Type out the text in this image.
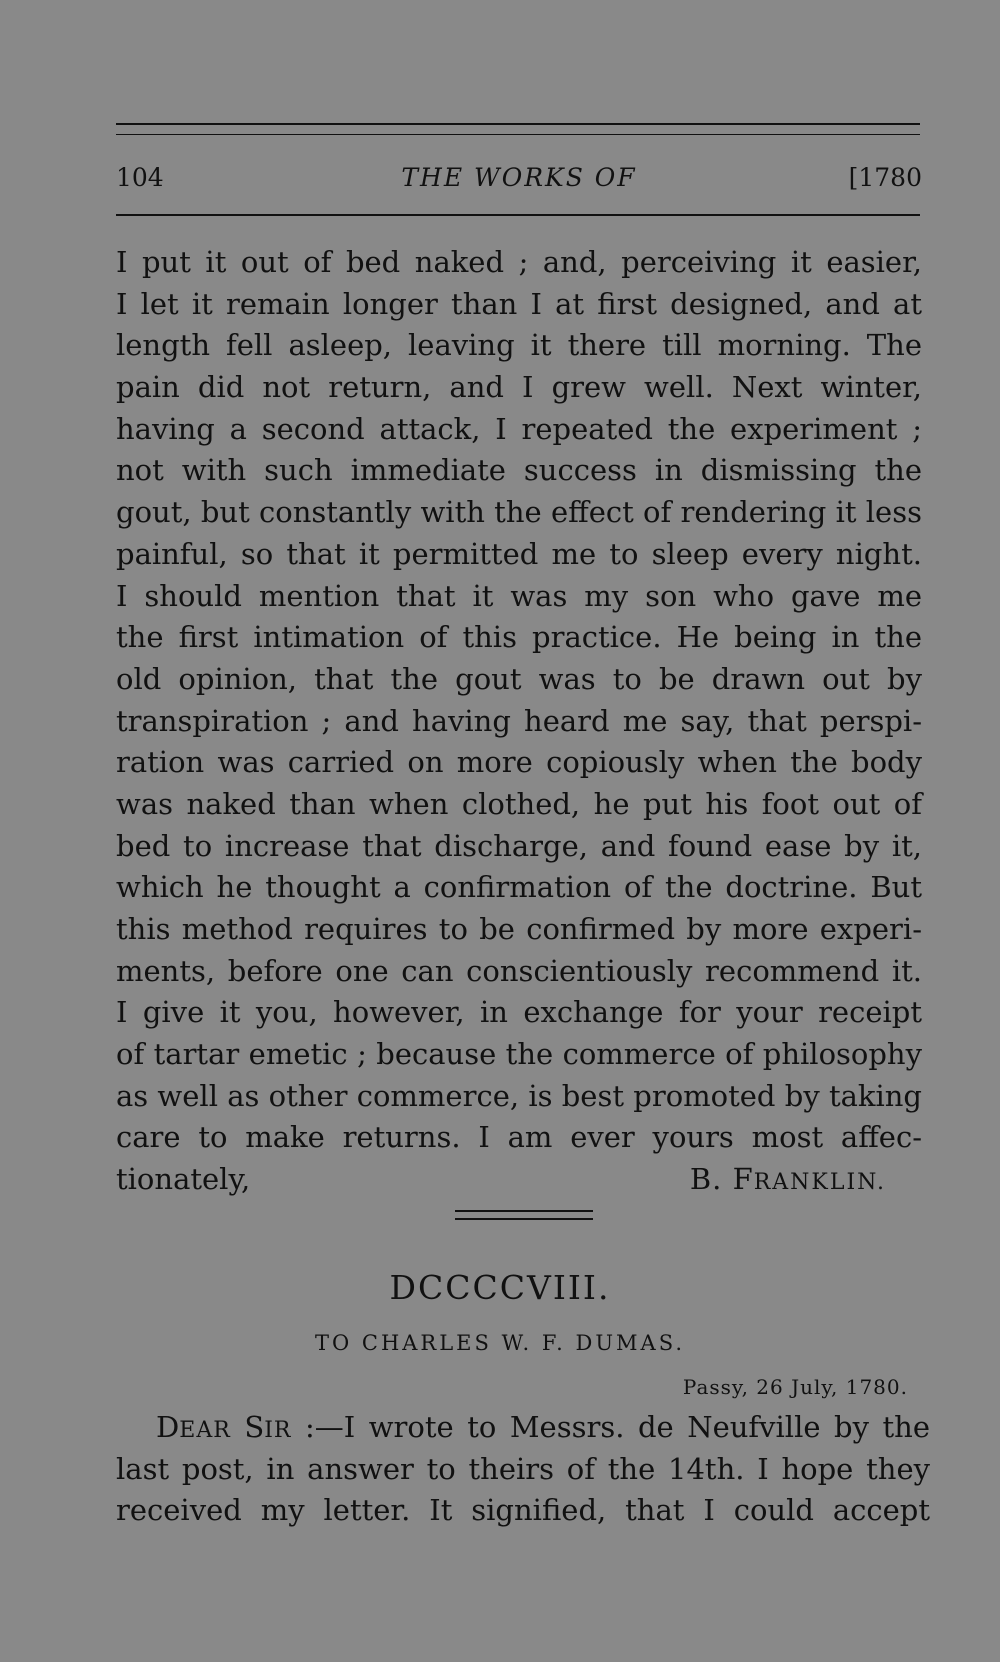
104	THE WORKS OF	[1780
I put it out of bed naked ; and, perceiving it easier,
I let it remain longer than I at first designed, and at
length fell asleep, leaving it there till morning. The
pain did not return, and I grew well. Next winter,
having a second attack, I repeated the experiment ;
not with such immediate success in dismissing the
gout, but constantly with the effect of rendering it less
painful, so that it permitted me to sleep every night.
I should mention that it was my son who gave me
the first intimation of this practice. He being in the
old opinion, that the gout was to be drawn out by
transpiration ; and having heard me say, that perspi-
ration was carried on more copiously when the body
was naked than when clothed, he put his foot out of
bed to increase that discharge, and found ease by it,
which he thought a confirmation of the doctrine. But
this method requires to be confirmed by more experi-
ments, before one can conscientiously recommend it.
I give it you, however, in exchange for your receipt
of tartar emetic ; because the commerce of philosophy
as well as other commerce, is best promoted by taking
care to make returns. I am ever yours most affec-
tionately,	B. FRANKLIN.
DCCCCVIII.
TO CHARLES W. F. DUMAS.
Passy, 26 July, 1780.
DEAR SIR :—I wrote to Messrs. de Neufville by the
last post, in answer to theirs of the 14th. I hope they
received my letter. It signified, that I could accept
